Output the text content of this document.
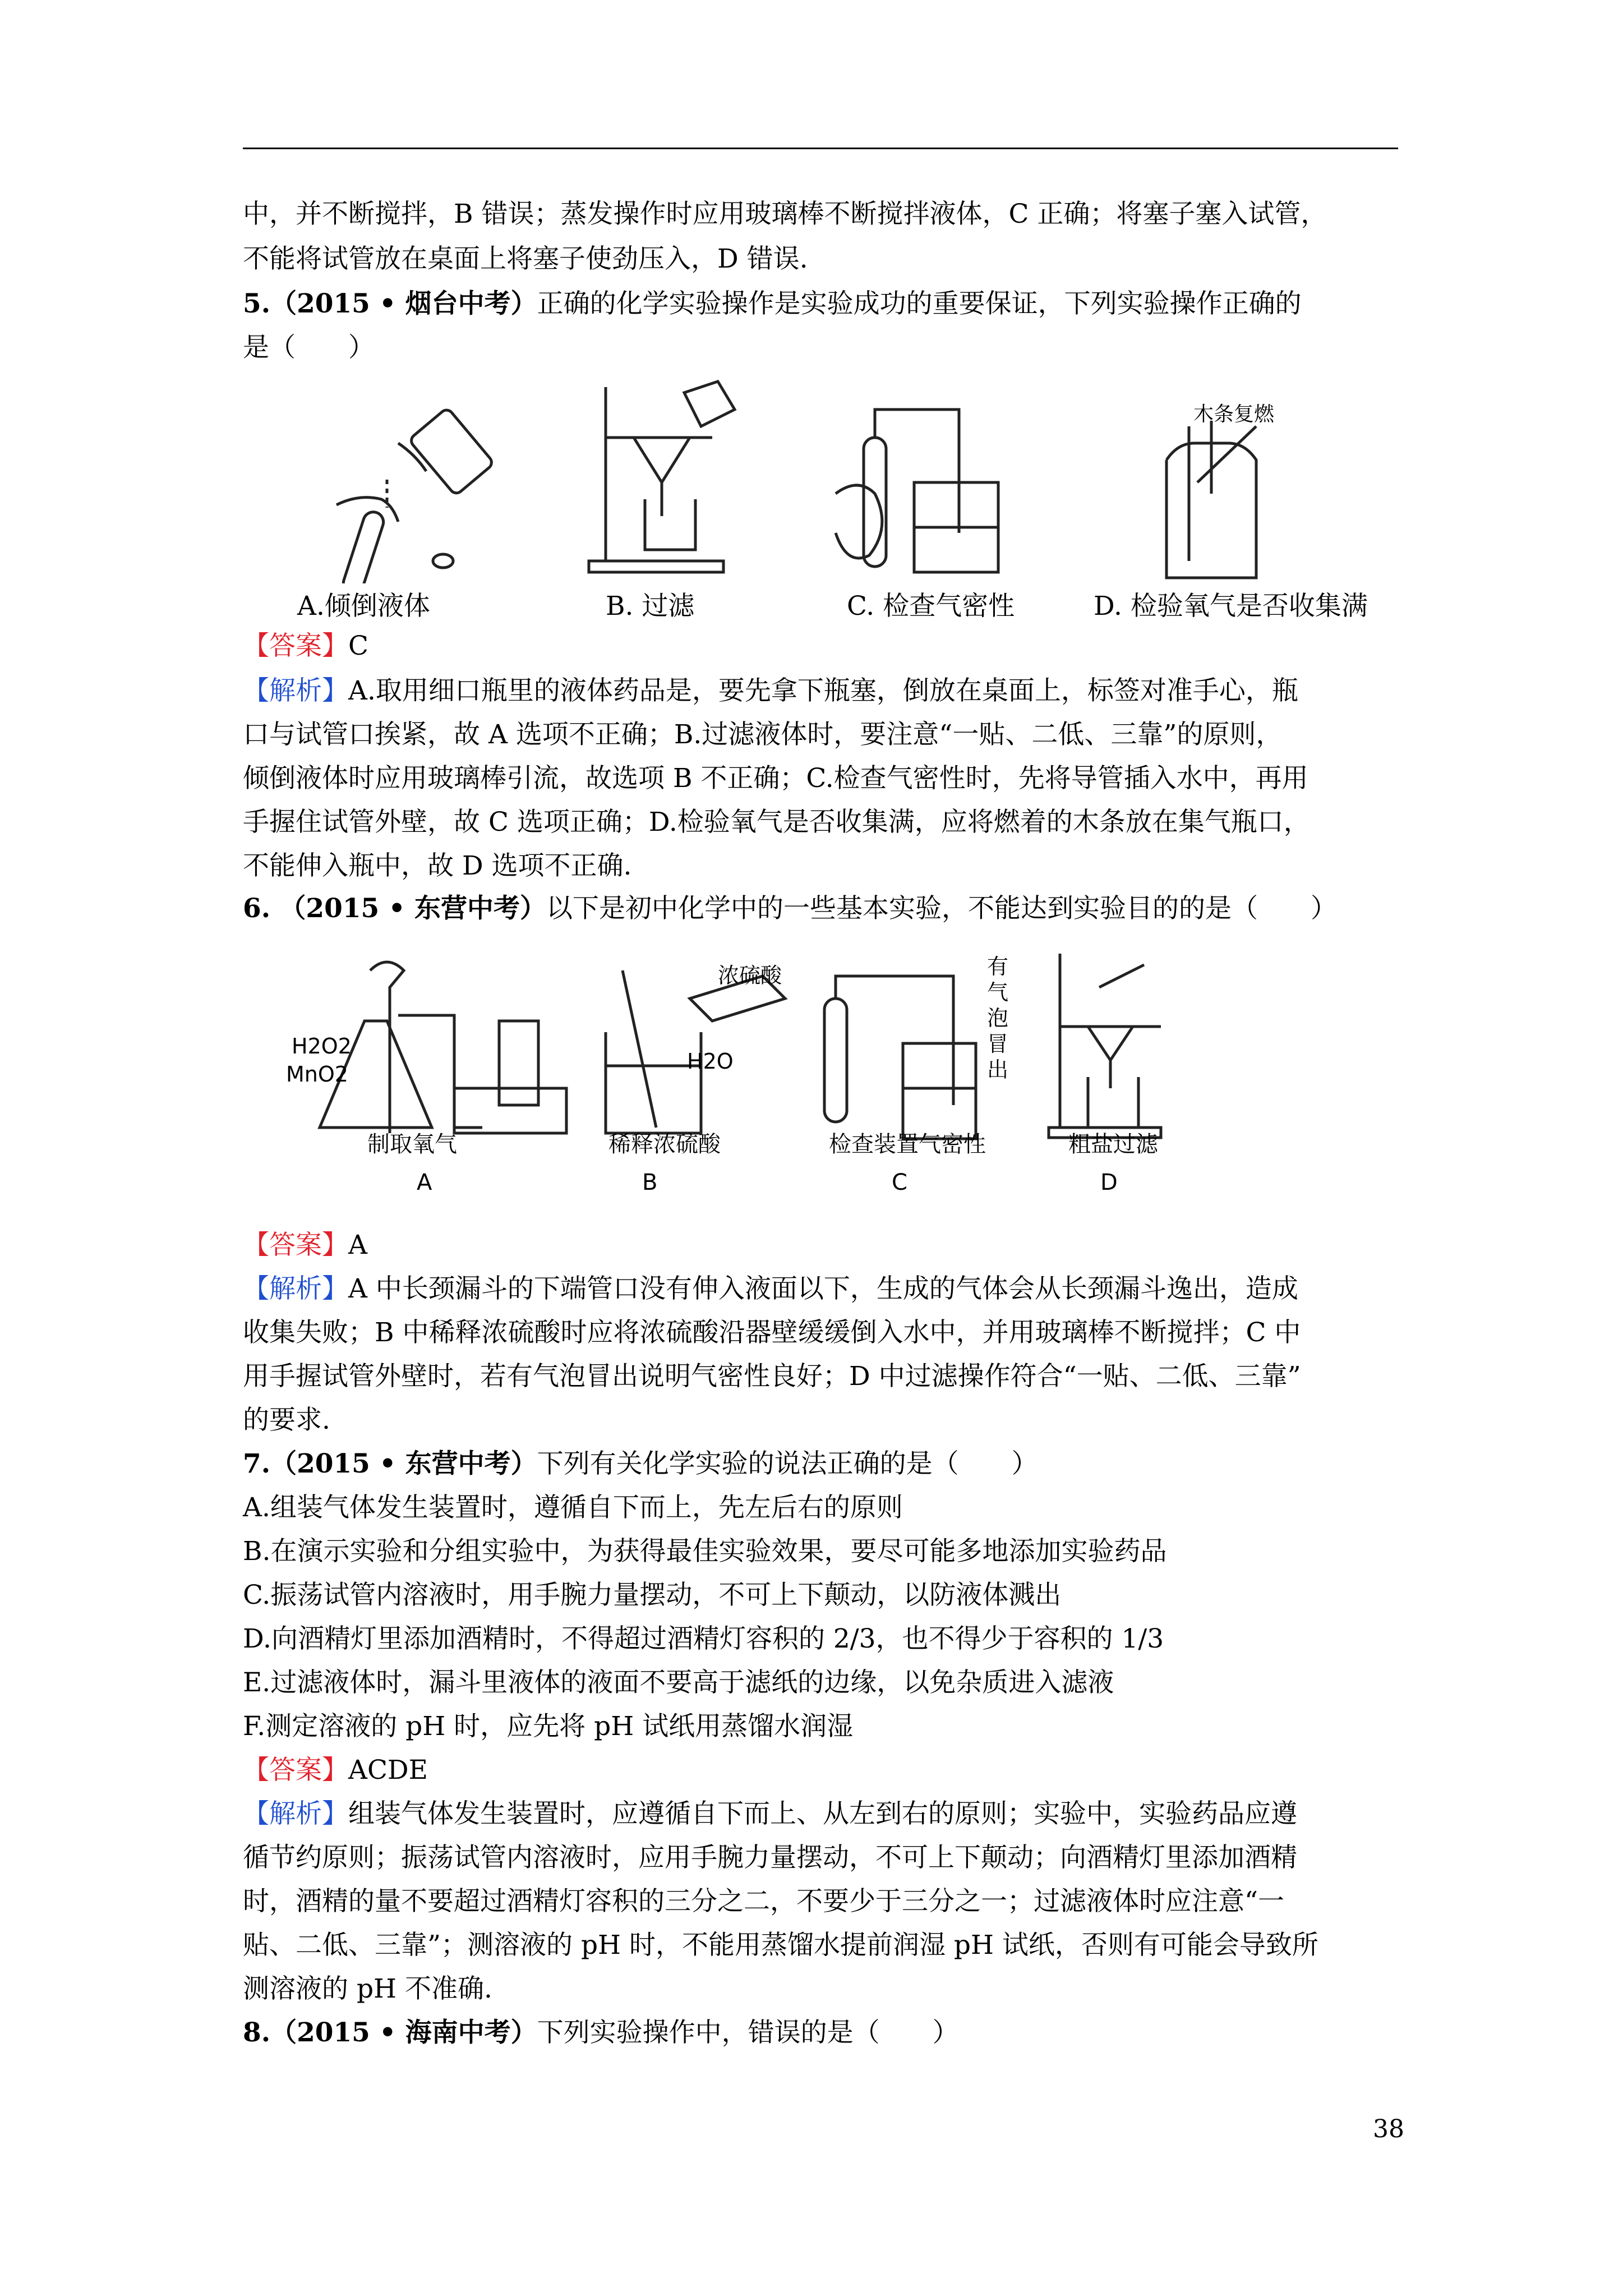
中，并不断搅拌，B 错误；蒸发操作时应用玻璃棒不断搅拌液体，C 正确；将塞子塞入试管，
不能将试管放在桌面上将塞子使劲压入，D 错误.
5.（2015 • 烟台中考）正确的化学实验操作是实验成功的重要保证，下列实验操作正确的
是（　　）
木条复燃
A.倾倒液体	B. 过滤	C. 检查气密性	D. 检验氧气是否收集满
【答案】C
【解析】A.取用细口瓶里的液体药品是，要先拿下瓶塞，倒放在桌面上，标签对准手心，瓶
口与试管口挨紧，故 A 选项不正确；B.过滤液体时，要注意“一贴、二低、三靠”的原则，
倾倒液体时应用玻璃棒引流，故选项 B 不正确；C.检查气密性时，先将导管插入水中，再用
手握住试管外壁，故 C 选项正确；D.检验氧气是否收集满，应将燃着的木条放在集气瓶口，
不能伸入瓶中，故 D 选项不正确.
6. （2015 • 东营中考）以下是初中化学中的一些基本实验，不能达到实验目的的是（　　）
H2O2
MnO2
浓硫酸
H2O
有气泡冒出
制取氧气	稀释浓硫酸	检查装置气密性	粗盐过滤
A	B	C	D
【答案】A
【解析】A 中长颈漏斗的下端管口没有伸入液面以下，生成的气体会从长颈漏斗逸出，造成
收集失败；B 中稀释浓硫酸时应将浓硫酸沿器壁缓缓倒入水中，并用玻璃棒不断搅拌；C 中
用手握试管外壁时，若有气泡冒出说明气密性良好；D 中过滤操作符合“一贴、二低、三靠”
的要求.
7.（2015 • 东营中考）下列有关化学实验的说法正确的是（　　）
A.组装气体发生装置时，遵循自下而上，先左后右的原则
B.在演示实验和分组实验中，为获得最佳实验效果，要尽可能多地添加实验药品
C.振荡试管内溶液时，用手腕力量摆动，不可上下颠动，以防液体溅出
D.向酒精灯里添加酒精时，不得超过酒精灯容积的 2/3，也不得少于容积的 1/3
E.过滤液体时，漏斗里液体的液面不要高于滤纸的边缘，以免杂质进入滤液
F.测定溶液的 pH 时，应先将 pH 试纸用蒸馏水润湿
【答案】ACDE
【解析】组装气体发生装置时，应遵循自下而上、从左到右的原则；实验中，实验药品应遵
循节约原则；振荡试管内溶液时，应用手腕力量摆动，不可上下颠动；向酒精灯里添加酒精
时，酒精的量不要超过酒精灯容积的三分之二，不要少于三分之一；过滤液体时应注意“一
贴、二低、三靠”；测溶液的 pH 时，不能用蒸馏水提前润湿 pH 试纸，否则有可能会导致所
测溶液的 pH 不准确.
8.（2015 • 海南中考）下列实验操作中，错误的是（　　）
38
